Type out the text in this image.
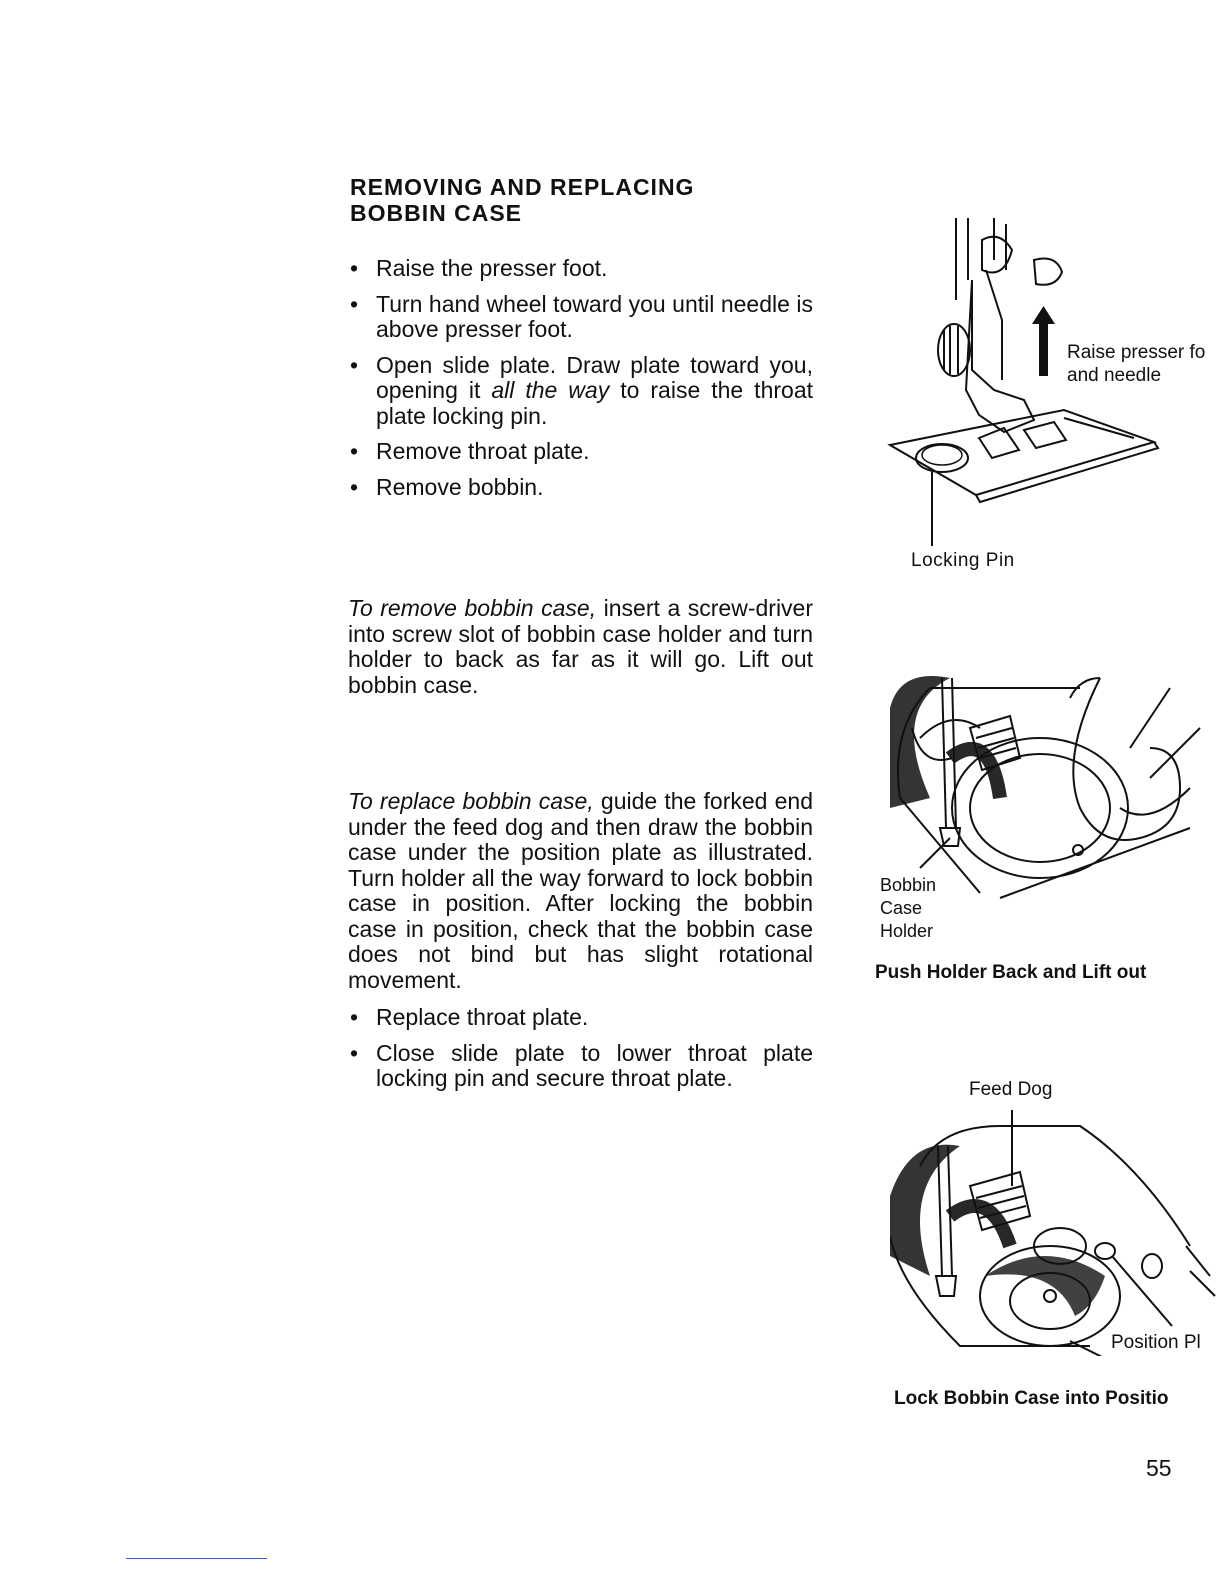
REMOVING AND REPLACING
BOBBIN CASE
• Raise the presser foot.
• Turn hand wheel toward you until needle is above presser foot.
• Open slide plate. Draw plate toward you, opening it all the way to raise the throat plate locking pin.
• Remove throat plate.
• Remove bobbin.

To remove bobbin case, insert a screw-driver into screw slot of bobbin case holder and turn holder to back as far as it will go. Lift out bobbin case.

To replace bobbin case, guide the forked end under the feed dog and then draw the bobbin case under the position plate as illustrated. Turn holder all the way forward to lock bobbin case in position. After locking the bobbin case in position, check that the bobbin case does not bind but has slight rotational movement.

• Replace throat plate.
• Close slide plate to lower throat plate locking pin and secure throat plate.
Raise presser fo
and needle
Locking Pin
Bobbin
Case
Holder
Push Holder Back and Lift out
Feed Dog
Position Pl
Lock Bobbin Case into Positio
55
